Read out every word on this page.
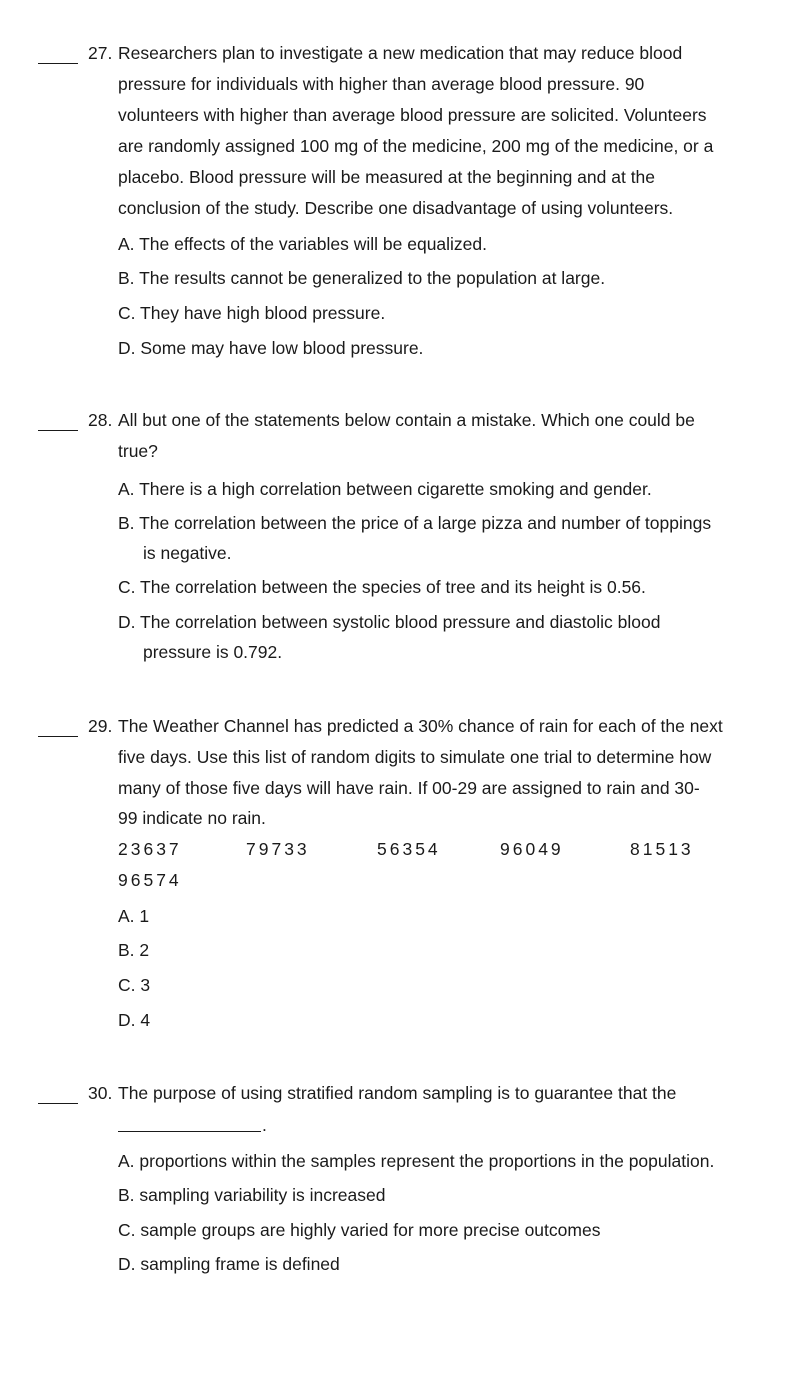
27. Researchers plan to investigate a new medication that may reduce blood
pressure for individuals with higher than average blood pressure. 90
volunteers with higher than average blood pressure are solicited. Volunteers
are randomly assigned 100 mg of the medicine, 200 mg of the medicine, or a
placebo. Blood pressure will be measured at the beginning and at the
conclusion of the study. Describe one disadvantage of using volunteers.
A. The effects of the variables will be equalized.
B. The results cannot be generalized to the population at large.
C. They have high blood pressure.
D. Some may have low blood pressure.
28. All but one of the statements below contain a mistake. Which one could be
true?
A. There is a high correlation between cigarette smoking and gender.
B. The correlation between the price of a large pizza and number of toppings
is negative.
C. The correlation between the species of tree and its height is 0.56.
D. The correlation between systolic blood pressure and diastolic blood
pressure is 0.792.
29. The Weather Channel has predicted a 30% chance of rain for each of the next
five days. Use this list of random digits to simulate one trial to determine how
many of those five days will have rain. If 00-29 are assigned to rain and 30-
99 indicate no rain.
23637	79733	56354	96049	81513
96574
A. 1
B. 2
C. 3
D. 4
30. The purpose of using stratified random sampling is to guarantee that the
.
A. proportions within the samples represent the proportions in the population.
B. sampling variability is increased
C. sample groups are highly varied for more precise outcomes
D. sampling frame is defined
